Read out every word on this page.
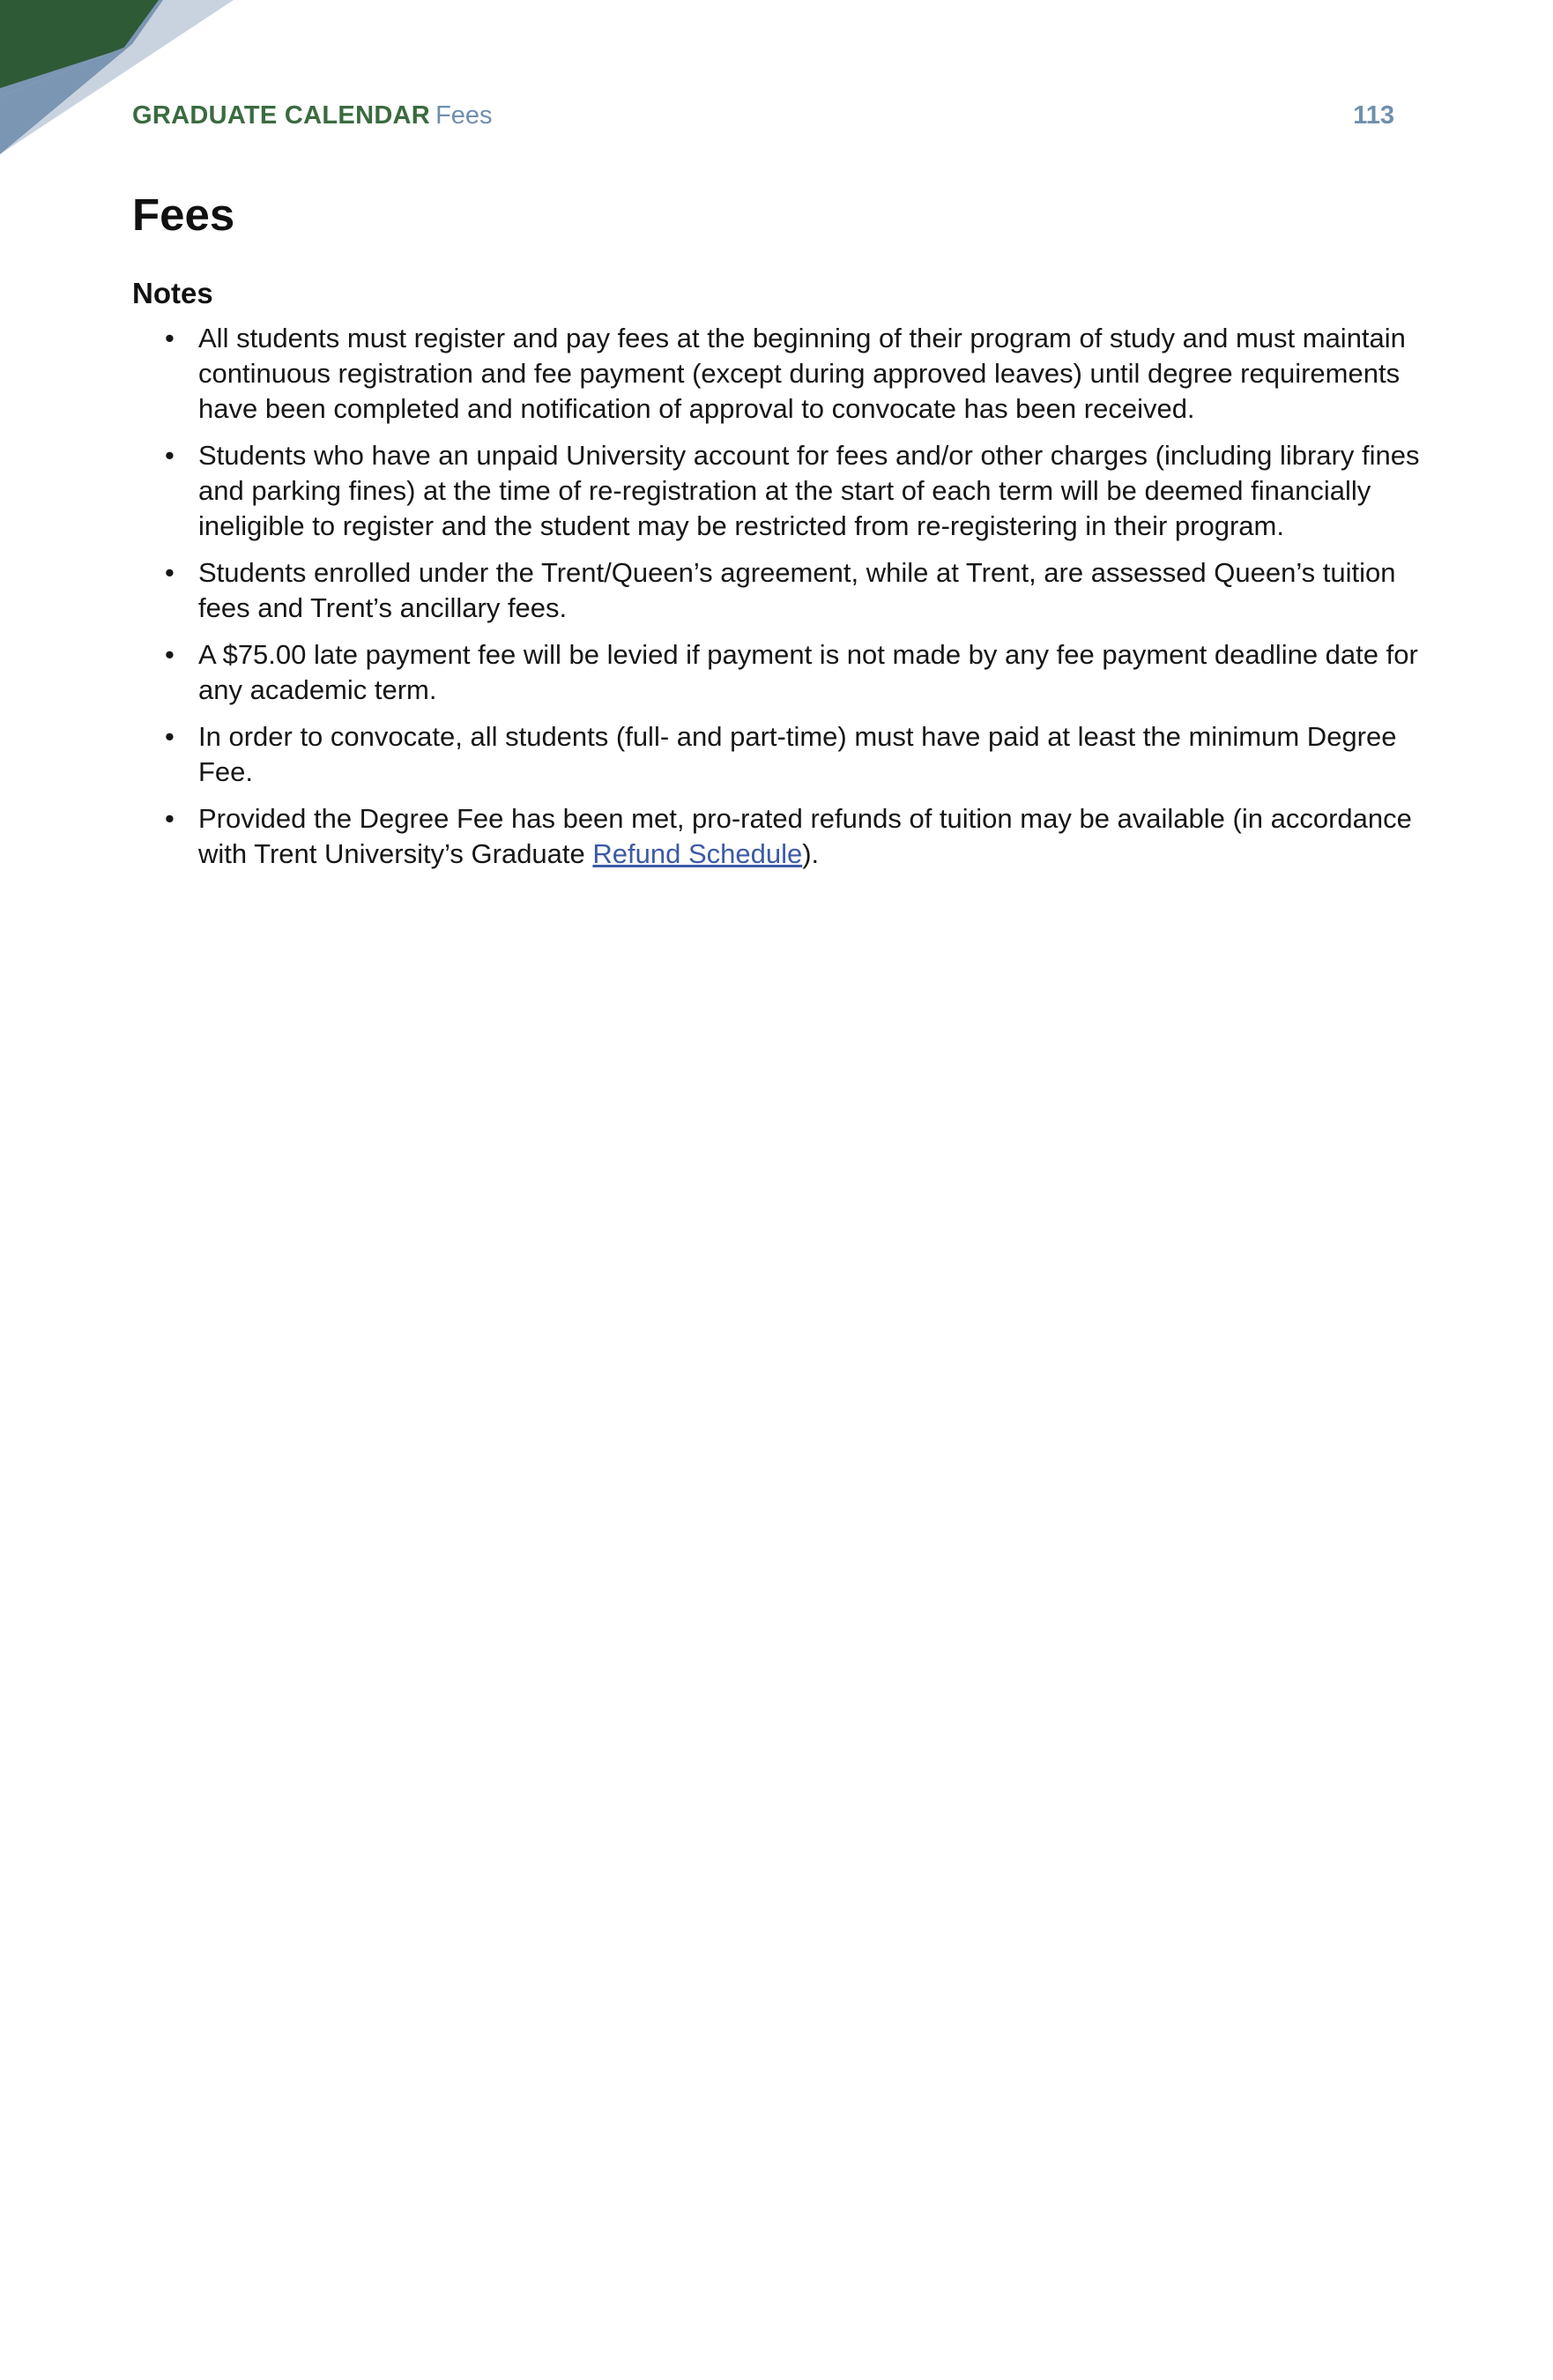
GRADUATE CALENDAR Fees	113
Fees
Notes
• All students must register and pay fees at the beginning of their program of study and must maintain continuous registration and fee payment (except during approved leaves) until degree requirements have been completed and notification of approval to convocate has been received.
• Students who have an unpaid University account for fees and/or other charges (including library fines and parking fines) at the time of re-registration at the start of each term will be deemed financially ineligible to register and the student may be restricted from re-registering in their program.
• Students enrolled under the Trent/Queen’s agreement, while at Trent, are assessed Queen’s tuition fees and Trent’s ancillary fees.
• A $75.00 late payment fee will be levied if payment is not made by any fee payment deadline date for any academic term.
• In order to convocate, all students (full- and part-time) must have paid at least the minimum Degree Fee.
• Provided the Degree Fee has been met, pro-rated refunds of tuition may be available (in accordance with Trent University’s Graduate Refund Schedule).
